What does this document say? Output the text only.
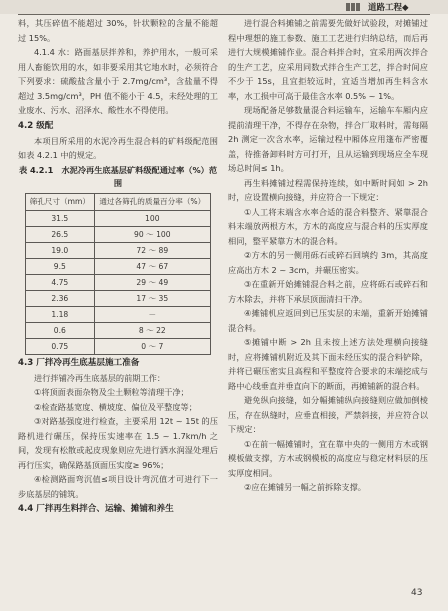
道路工程◆

料，其压碎值不能超过 30%，针状颗粒的含量不能超过 15%。

4.1.4 水：路面基层拌养和，养护用水，一般可采用人畜能饮用的水，如非要采用其它地水时，必须符合下列要求：硫酸盐含量小于 2.7mg/cm³，含盐量不得超过 3.5mg/cm³，PH 值不能小于 4.5，未经处理的工业废水、污水、沼泽水、酸性水不得使用。

4.2 级配

本项目所采用的水泥冷再生混合料的矿料级配范围如表 4.2.1 中的规定。

表 4.2.1　水泥冷再生底基层矿料级配通过率（%）范围
筛孔尺寸（mm）	通过各筛孔的质量百分率（%）
31.5	100
26.5	90 ～ 100
19.0	72 ～ 89
9.5	47 ～ 67
4.75	29 ～ 49
2.36	17 ～ 35
1.18	－
0.6	8 ～ 22
0.75	0 ～ 7
4.3 厂拌冷再生底基层施工准备

进行拌铺冷再生底基层的前期工作：

①将顶面表面杂物及尘土颗粒等清理干净；

②检查路基宽度、横坡度、偏位及平整度等；

③对路基强度进行检查，主要采用 12t ~ 15t 的压路机进行碾压，保持压实速率在 1.5 ~ 1.7km/h 之间，发现有松散或起皮现象则应先进行洒水润湿处理后再行压实，确保路基顶面压实度≥ 96%；

④检测路面弯沉值≤项目设计弯沉值才可进行下一步底基层的铺筑。

4.4 厂拌再生料拌合、运输、摊铺和养生

进行混合料摊铺之前需要先做好试验段，对摊铺过程中理想的施工参数、施工工艺进行归纳总结，而后再进行大规模摊铺作业。混合料拌合时，宜采用两次拌合的生产工艺，应采用同数式拌合生产工艺，拌合时间应不少于 15s，且宜拒较远时，宜适当增加再生料含水率，水工损中可高于最佳含水率 0.5% ~ 1%。

现场配备足够数量混合料运输车，运输车车厢内应提前清理干净，不得存在杂物，拌合厂取料时，需每隔 2h 测定一次含水率，运输过程中厢体应用篷布严密覆盖，待推备卸料时方可打开，且从运输到现场应全车现场总时间≤ 1h。

再生料摊铺过程需保持连续，如中断时间如 > 2h 时，应设置横向接缝，并应符合一下规定：

①人工将末端含水率合适的混合料整齐、紧靠混合料末端放两根方木，方木的高度应与混合料的压实厚度相同，整平紧靠方木的混合料。

②方木的另一侧用砾石或碎石回填约 3m，其高度应高出方木 2 ~ 3cm，并碾压密实。

③在重新开始摊铺混合料之前，应将砾石或碎石和方木除去，并将下承层顶面清扫干净。

④摊铺机应返回到已压实层的末端，重新开始摊铺混合料。

⑤摊铺中断 > 2h 且未按上述方法处理横向接缝时，应将摊铺机附近及其下面未经压实的混合料铲除，并将已碾压密实且高程和平整度符合要求的末端挖成与路中心线垂直并垂直向下的断面，再摊铺新的混合料。

避免纵向接缝，如分幅摊铺纵向接缝则应做加倒棱压，存在纵缝时，应垂直相接，严禁斜接，并应符合以下规定：

①在前一幅摊铺时，宜在靠中央的一侧用方木或钢模板做支撑，方木或钢模板的高度应与稳定材料层的压实厚度相同。

②应在摊铺另一幅之前拆除支撑。

43
